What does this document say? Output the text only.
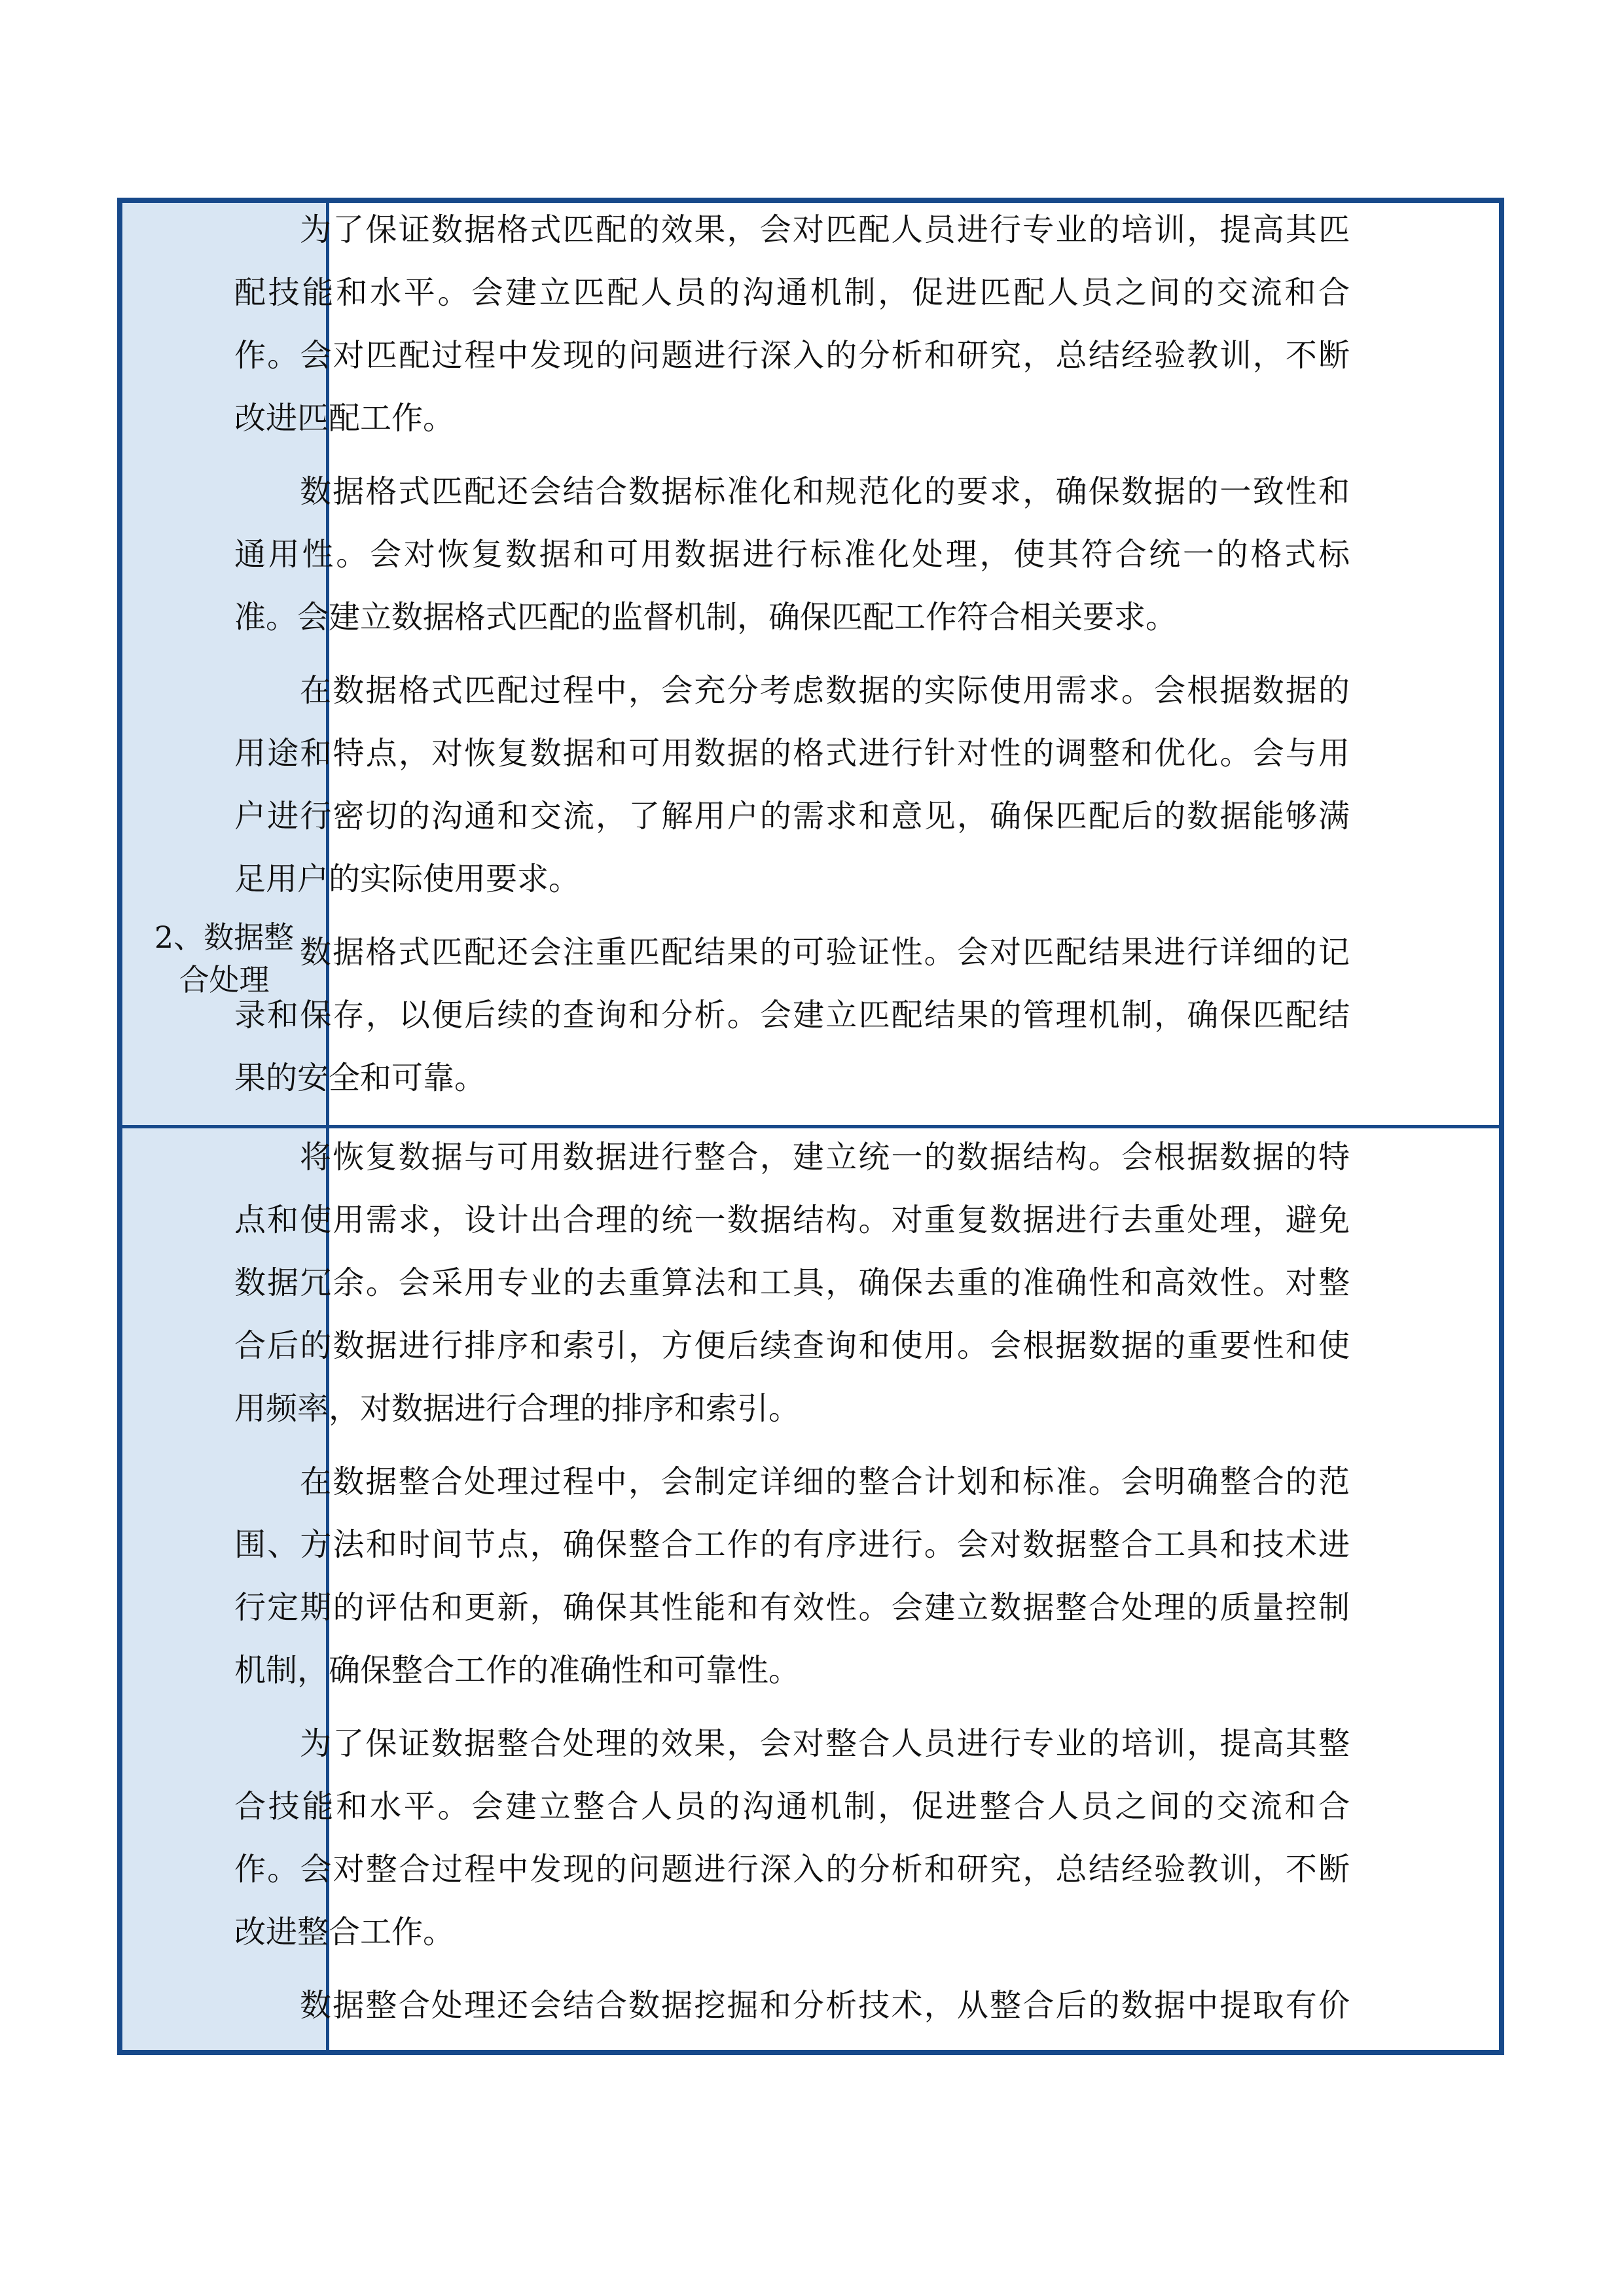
2、数据整
合处理
为了保证数据格式匹配的效果，会对匹配人员进行专业的培训，提高其匹
配技能和水平。会建立匹配人员的沟通机制，促进匹配人员之间的交流和合
作。会对匹配过程中发现的问题进行深入的分析和研究，总结经验教训，不断
改进匹配工作。
数据格式匹配还会结合数据标准化和规范化的要求，确保数据的一致性和
通用性。会对恢复数据和可用数据进行标准化处理，使其符合统一的格式标
准。会建立数据格式匹配的监督机制，确保匹配工作符合相关要求。
在数据格式匹配过程中，会充分考虑数据的实际使用需求。会根据数据的
用途和特点，对恢复数据和可用数据的格式进行针对性的调整和优化。会与用
户进行密切的沟通和交流，了解用户的需求和意见，确保匹配后的数据能够满
足用户的实际使用要求。
数据格式匹配还会注重匹配结果的可验证性。会对匹配结果进行详细的记
录和保存，以便后续的查询和分析。会建立匹配结果的管理机制，确保匹配结
果的安全和可靠。
将恢复数据与可用数据进行整合，建立统一的数据结构。会根据数据的特
点和使用需求，设计出合理的统一数据结构。对重复数据进行去重处理，避免
数据冗余。会采用专业的去重算法和工具，确保去重的准确性和高效性。对整
合后的数据进行排序和索引，方便后续查询和使用。会根据数据的重要性和使
用频率，对数据进行合理的排序和索引。
在数据整合处理过程中，会制定详细的整合计划和标准。会明确整合的范
围、方法和时间节点，确保整合工作的有序进行。会对数据整合工具和技术进
行定期的评估和更新，确保其性能和有效性。会建立数据整合处理的质量控制
机制，确保整合工作的准确性和可靠性。
为了保证数据整合处理的效果，会对整合人员进行专业的培训，提高其整
合技能和水平。会建立整合人员的沟通机制，促进整合人员之间的交流和合
作。会对整合过程中发现的问题进行深入的分析和研究，总结经验教训，不断
改进整合工作。
数据整合处理还会结合数据挖掘和分析技术，从整合后的数据中提取有价
